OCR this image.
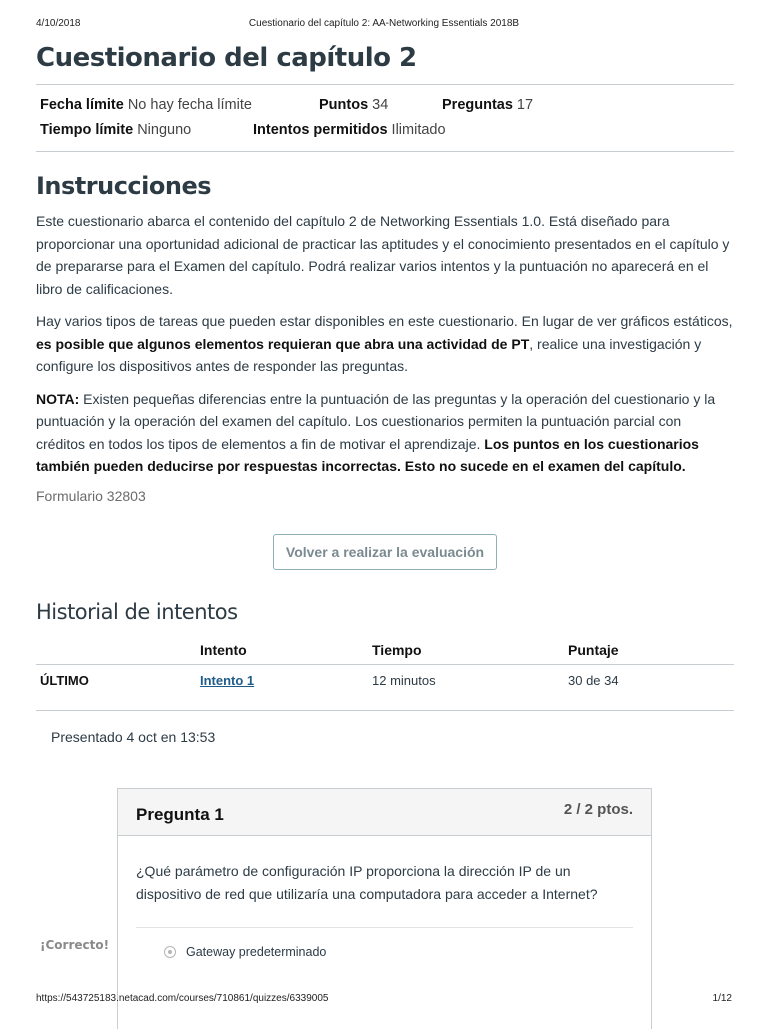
4/10/2018	Cuestionario del capítulo 2: AA-Networking Essentials 2018B
Cuestionario del capítulo 2
Fecha límite No hay fecha límite	Puntos 34	Preguntas 17
Tiempo límite Ninguno	Intentos permitidos Ilimitado
Instrucciones

Este cuestionario abarca el contenido del capítulo 2 de Networking Essentials 1.0. Está diseñado para proporcionar una oportunidad adicional de practicar las aptitudes y el conocimiento presentados en el capítulo y de prepararse para el Examen del capítulo. Podrá realizar varios intentos y la puntuación no aparecerá en el libro de calificaciones.

Hay varios tipos de tareas que pueden estar disponibles en este cuestionario. En lugar de ver gráficos estáticos, es posible que algunos elementos requieran que abra una actividad de PT, realice una investigación y configure los dispositivos antes de responder las preguntas.

NOTA: Existen pequeñas diferencias entre la puntuación de las preguntas y la operación del cuestionario y la puntuación y la operación del examen del capítulo. Los cuestionarios permiten la puntuación parcial con créditos en todos los tipos de elementos a fin de motivar el aprendizaje. Los puntos en los cuestionarios también pueden deducirse por respuestas incorrectas. Esto no sucede en el examen del capítulo.

Formulario 32803

Volver a realizar la evaluación
Historial de intentos
	Intento	Tiempo	Puntaje
ÚLTIMO	Intento 1	12 minutos	30 de 34
Presentado 4 oct en 13:53
Pregunta 1	2 / 2 ptos.
¿Qué parámetro de configuración IP proporciona la dirección IP de un dispositivo de red que utilizaría una computadora para acceder a Internet?
Gateway predeterminado
¡Correcto!
https://543725183.netacad.com/courses/710861/quizzes/6339005	1/12
